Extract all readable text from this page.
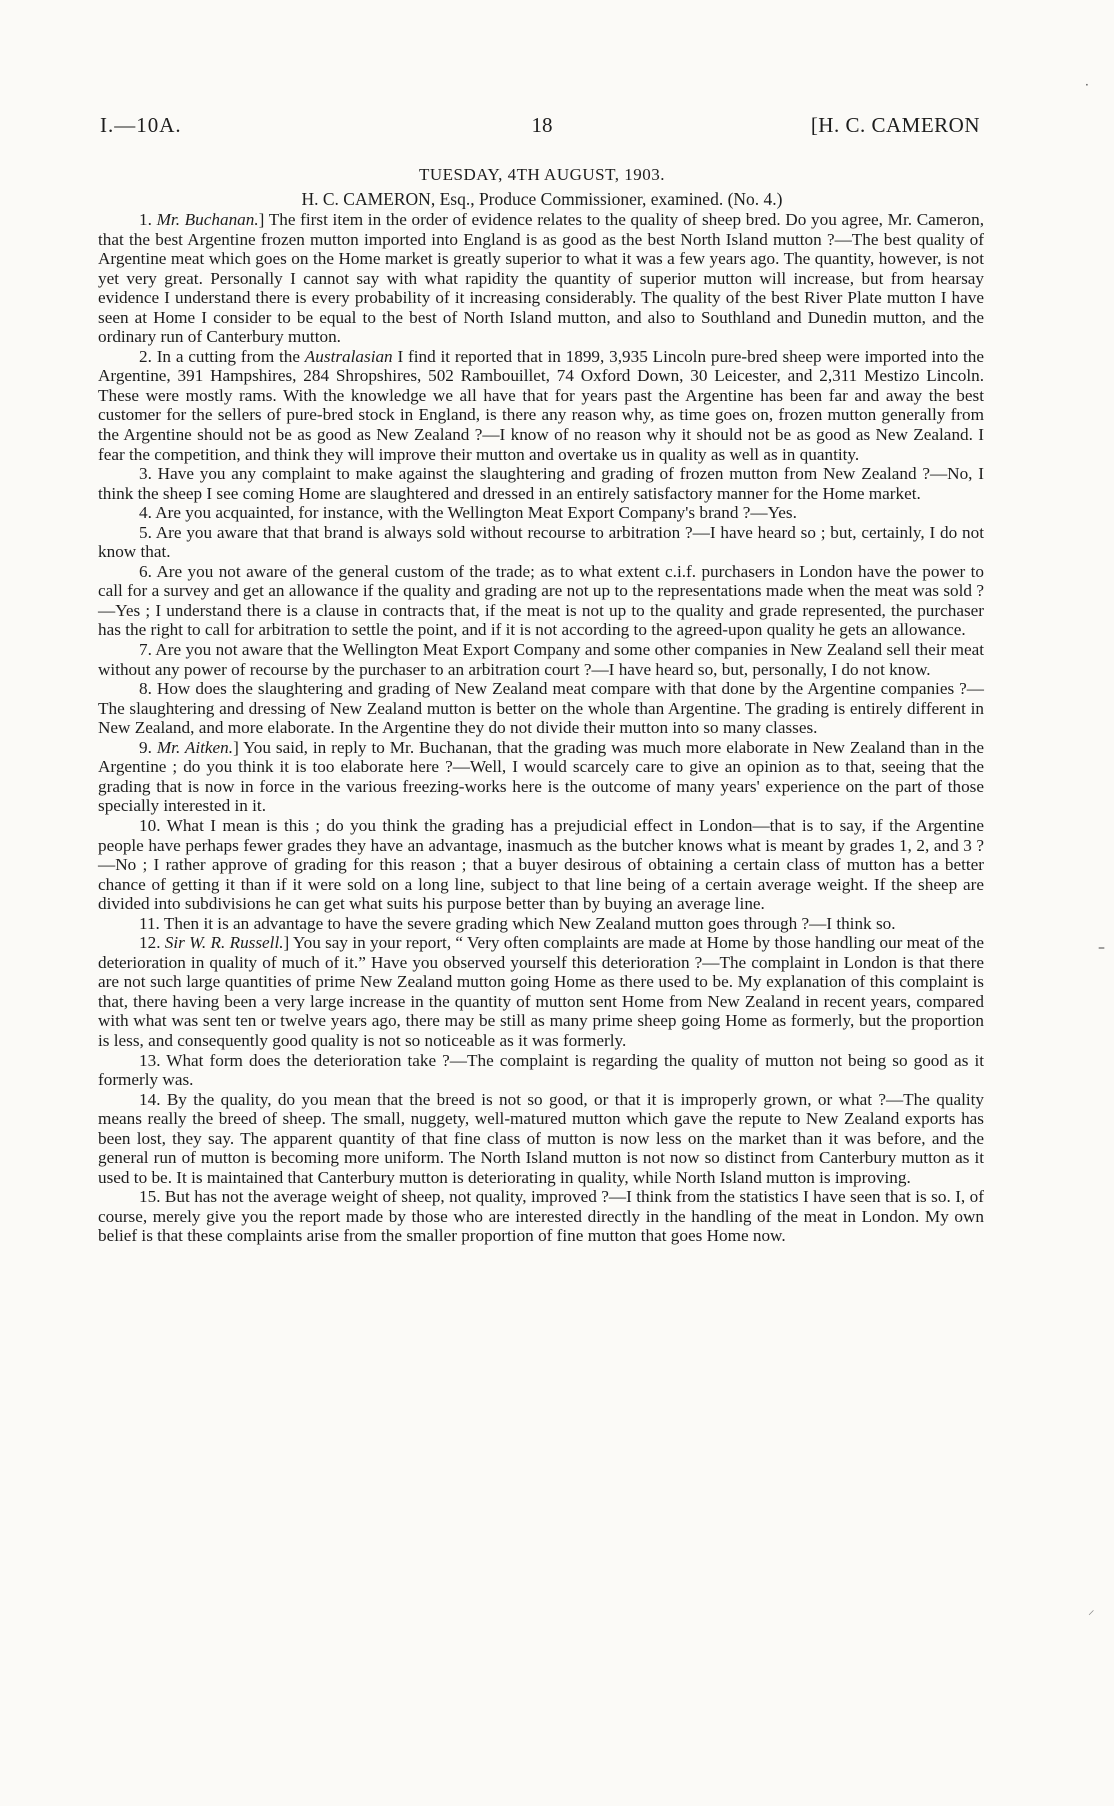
I.—10A.	18	[H. C. CAMERON
TUESDAY, 4TH AUGUST, 1903.
H. C. CAMERON, Esq., Produce Commissioner, examined. (No. 4.)

1. Mr. Buchanan.] The first item in the order of evidence relates to the quality of sheep bred. Do you agree, Mr. Cameron, that the best Argentine frozen mutton imported into England is as good as the best North Island mutton ?—The best quality of Argentine meat which goes on the Home market is greatly superior to what it was a few years ago. The quantity, however, is not yet very great. Personally I cannot say with what rapidity the quantity of superior mutton will increase, but from hearsay evidence I understand there is every probability of it increasing considerably. The quality of the best River Plate mutton I have seen at Home I consider to be equal to the best of North Island mutton, and also to Southland and Dunedin mutton, and the ordinary run of Canterbury mutton.

2. In a cutting from the Australasian I find it reported that in 1899, 3,935 Lincoln pure-bred sheep were imported into the Argentine, 391 Hampshires, 284 Shropshires, 502 Rambouillet, 74 Oxford Down, 30 Leicester, and 2,311 Mestizo Lincoln. These were mostly rams. With the knowledge we all have that for years past the Argentine has been far and away the best customer for the sellers of pure-bred stock in England, is there any reason why, as time goes on, frozen mutton generally from the Argentine should not be as good as New Zealand ?—I know of no reason why it should not be as good as New Zealand. I fear the competition, and think they will improve their mutton and overtake us in quality as well as in quantity.

3. Have you any complaint to make against the slaughtering and grading of frozen mutton from New Zealand ?—No, I think the sheep I see coming Home are slaughtered and dressed in an entirely satisfactory manner for the Home market.

4. Are you acquainted, for instance, with the Wellington Meat Export Company's brand ?—Yes.

5. Are you aware that that brand is always sold without recourse to arbitration ?—I have heard so ; but, certainly, I do not know that.

6. Are you not aware of the general custom of the trade; as to what extent c.i.f. purchasers in London have the power to call for a survey and get an allowance if the quality and grading are not up to the representations made when the meat was sold ?—Yes ; I understand there is a clause in contracts that, if the meat is not up to the quality and grade represented, the purchaser has the right to call for arbitration to settle the point, and if it is not according to the agreed-upon quality he gets an allowance.

7. Are you not aware that the Wellington Meat Export Company and some other companies in New Zealand sell their meat without any power of recourse by the purchaser to an arbitration court ?—I have heard so, but, personally, I do not know.

8. How does the slaughtering and grading of New Zealand meat compare with that done by the Argentine companies ?—The slaughtering and dressing of New Zealand mutton is better on the whole than Argentine. The grading is entirely different in New Zealand, and more elaborate. In the Argentine they do not divide their mutton into so many classes.

9. Mr. Aitken.] You said, in reply to Mr. Buchanan, that the grading was much more elaborate in New Zealand than in the Argentine ; do you think it is too elaborate here ?—Well, I would scarcely care to give an opinion as to that, seeing that the grading that is now in force in the various freezing-works here is the outcome of many years' experience on the part of those specially interested in it.

10. What I mean is this ; do you think the grading has a prejudicial effect in London—that is to say, if the Argentine people have perhaps fewer grades they have an advantage, inasmuch as the butcher knows what is meant by grades 1, 2, and 3 ?—No ; I rather approve of grading for this reason ; that a buyer desirous of obtaining a certain class of mutton has a better chance of getting it than if it were sold on a long line, subject to that line being of a certain average weight. If the sheep are divided into subdivisions he can get what suits his purpose better than by buying an average line.

11. Then it is an advantage to have the severe grading which New Zealand mutton goes through ?—I think so.

12. Sir W. R. Russell.] You say in your report, “ Very often complaints are made at Home by those handling our meat of the deterioration in quality of much of it.” Have you observed yourself this deterioration ?—The complaint in London is that there are not such large quantities of prime New Zealand mutton going Home as there used to be. My explanation of this complaint is that, there having been a very large increase in the quantity of mutton sent Home from New Zealand in recent years, compared with what was sent ten or twelve years ago, there may be still as many prime sheep going Home as formerly, but the proportion is less, and consequently good quality is not so noticeable as it was formerly.

13. What form does the deterioration take ?—The complaint is regarding the quality of mutton not being so good as it formerly was.

14. By the quality, do you mean that the breed is not so good, or that it is improperly grown, or what ?—The quality means really the breed of sheep. The small, nuggety, well-matured mutton which gave the repute to New Zealand exports has been lost, they say. The apparent quantity of that fine class of mutton is now less on the market than it was before, and the general run of mutton is becoming more uniform. The North Island mutton is not now so distinct from Canterbury mutton as it used to be. It is maintained that Canterbury mutton is deteriorating in quality, while North Island mutton is improving.

15. But has not the average weight of sheep, not quality, improved ?—I think from the statistics I have seen that is so. I, of course, merely give you the report made by those who are interested directly in the handling of the meat in London. My own belief is that these complaints arise from the smaller proportion of fine mutton that goes Home now.

·
–
⸝
